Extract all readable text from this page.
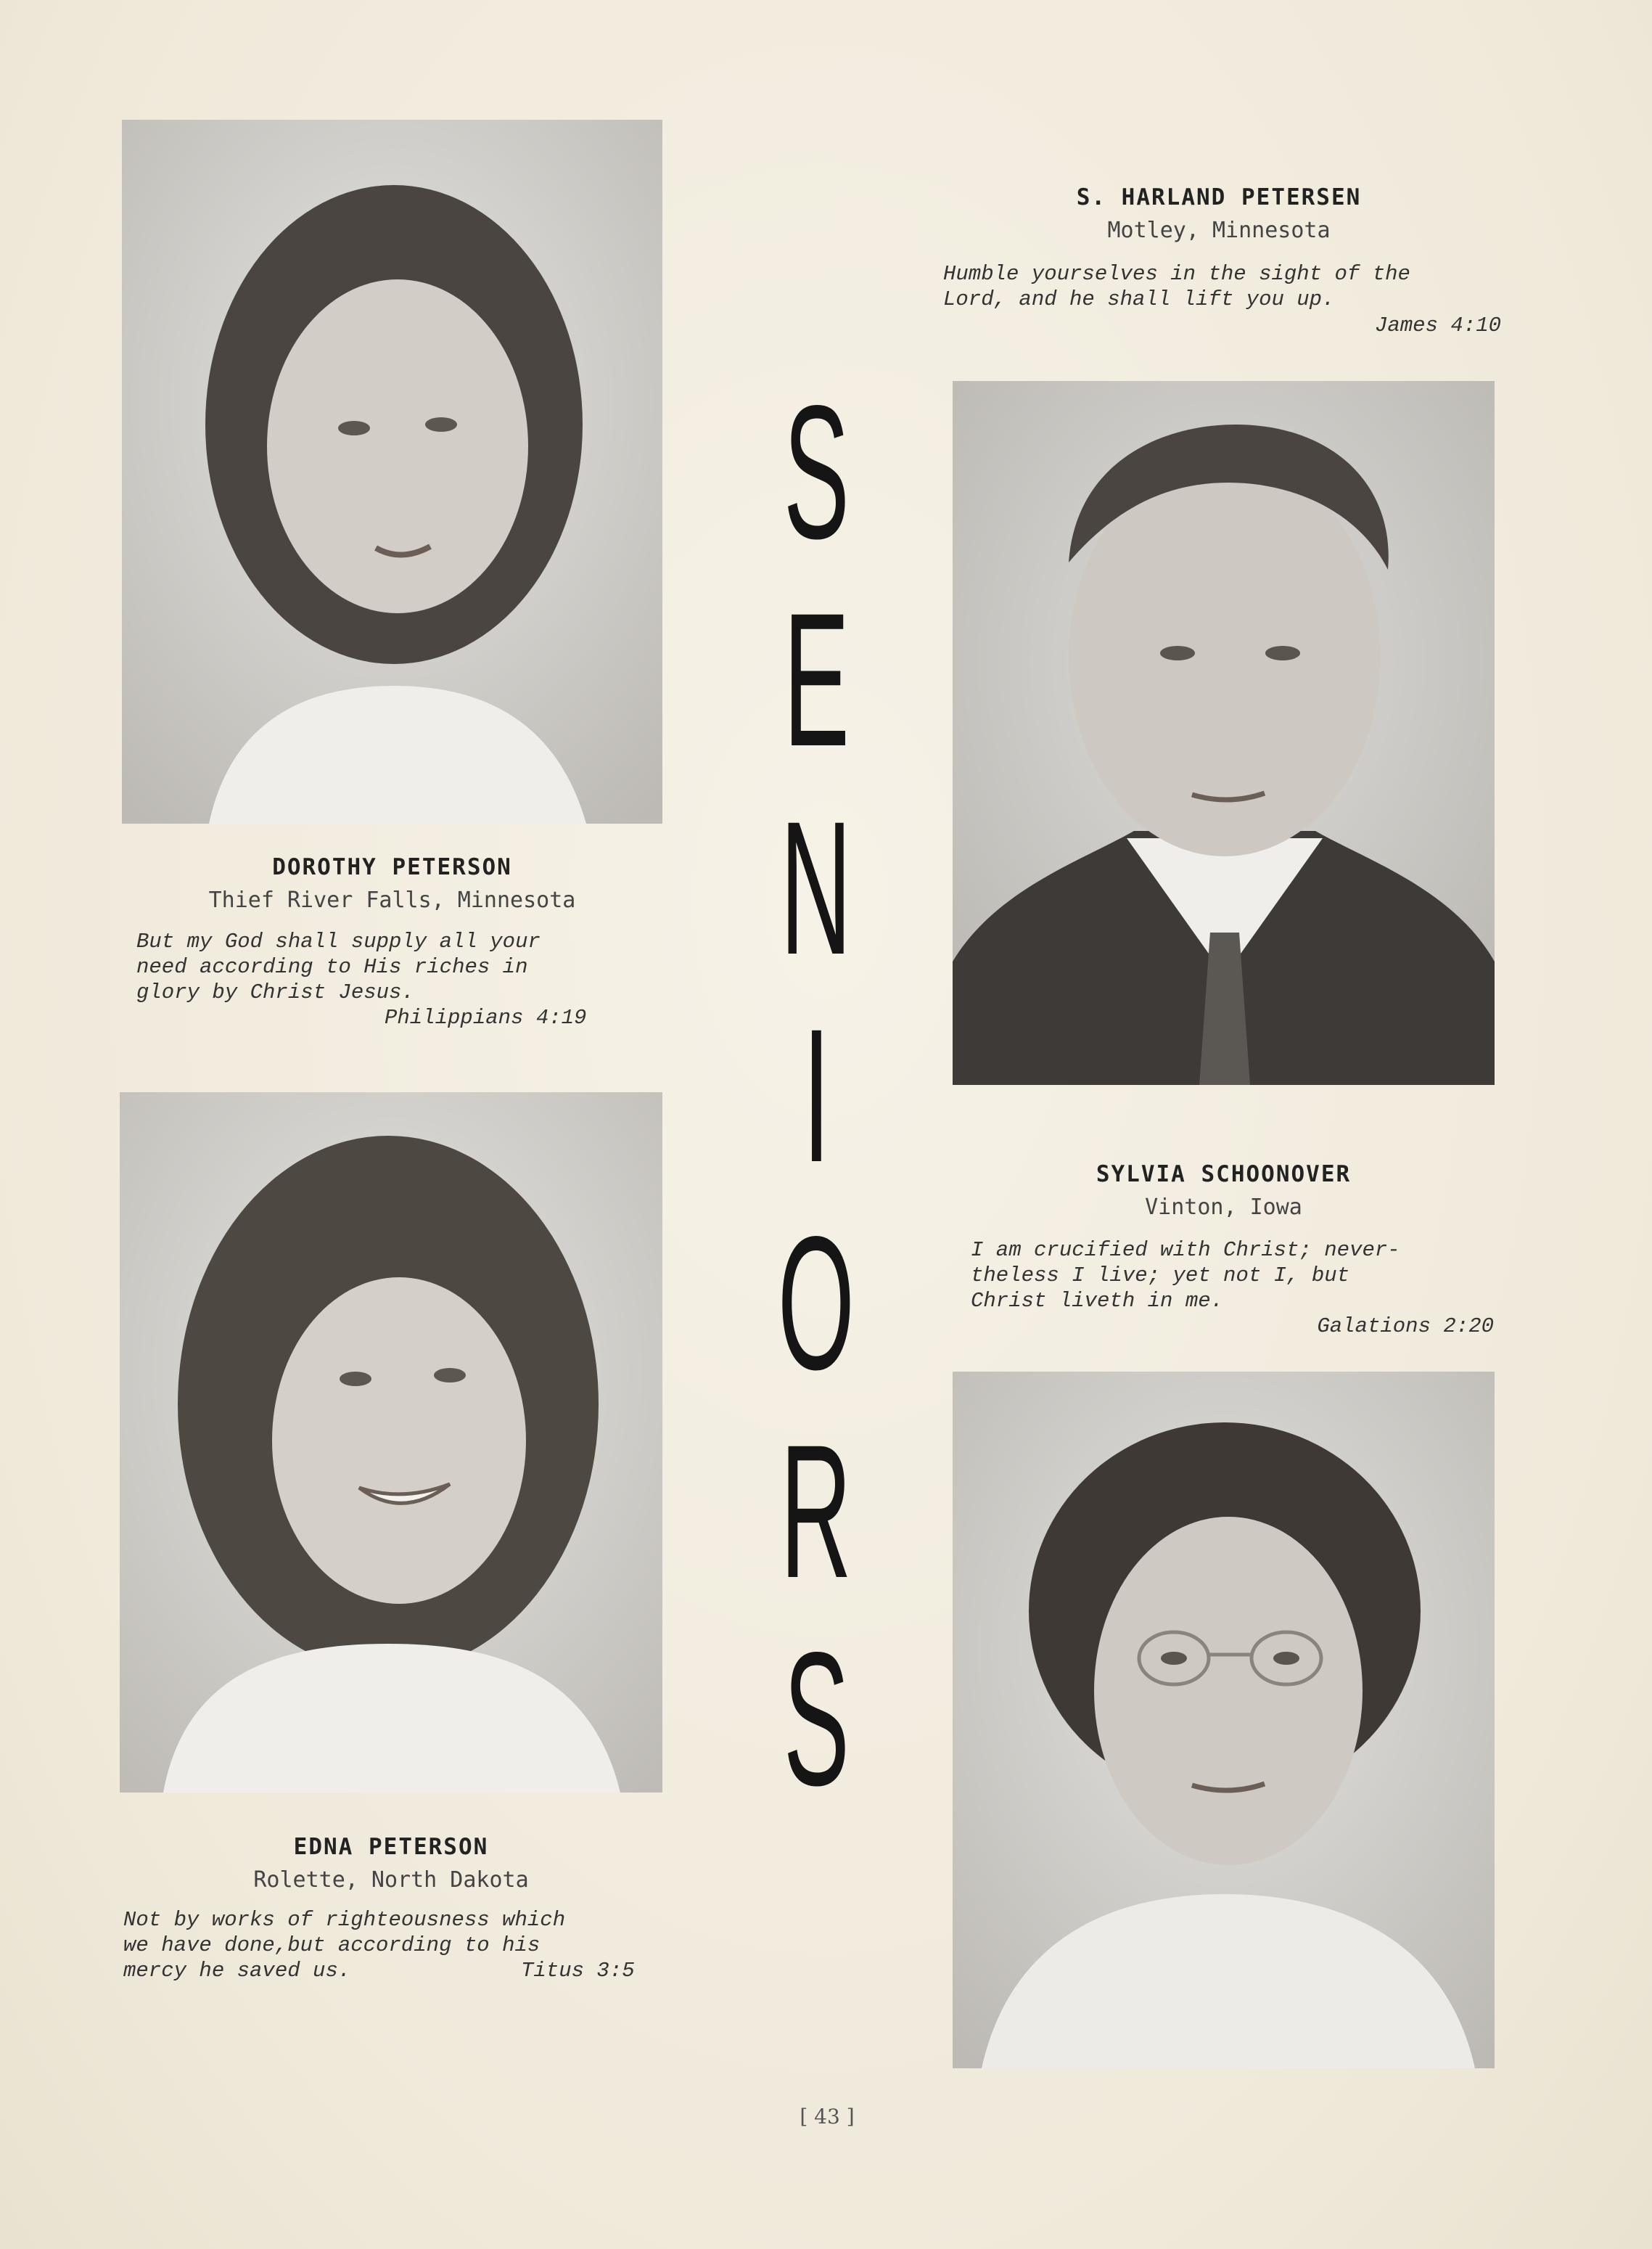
S
E
N
I
O
R
S

S. HARLAND PETERSEN

Motley, Minnesota

Humble yourselves in the sight of the
Lord, and he shall lift you up.

James 4:10

DOROTHY PETERSON

Thief River Falls, Minnesota

But my God shall supply all your
need according to His riches in
glory by Christ Jesus.

Philippians 4:19

SYLVIA SCHOONOVER

Vinton, Iowa

I am crucified with Christ; never-
theless I live; yet not I, but
Christ liveth in me.

Galations 2:20

EDNA PETERSON

Rolette, North Dakota

Not by works of righteousness which
we have done,but according to his
mercy he saved us.	Titus 3:5

[ 43 ]
